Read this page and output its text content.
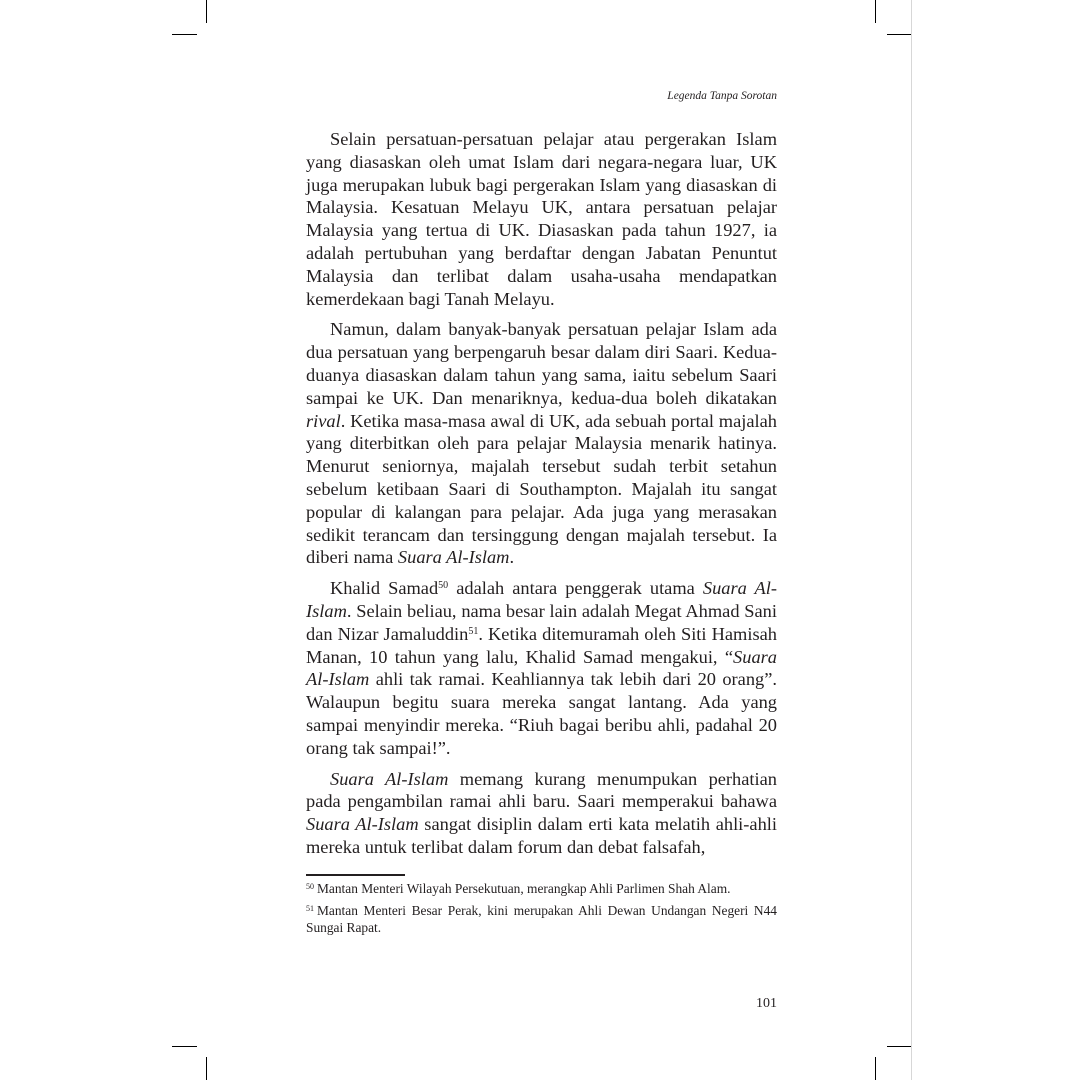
Legenda Tanpa Sorotan

Selain persatuan-persatuan pelajar atau pergerakan Islam yang diasaskan oleh umat Islam dari negara-negara luar, UK juga merupakan lubuk bagi pergerakan Islam yang diasaskan di Malaysia. Kesatuan Melayu UK, antara persatuan pelajar Malaysia yang tertua di UK. Diasaskan pada tahun 1927, ia adalah pertubuhan yang berdaftar dengan Jabatan Penuntut Malaysia dan terlibat dalam usaha-usaha mendapatkan kemerdekaan bagi Tanah Melayu.

Namun, dalam banyak-banyak persatuan pelajar Islam ada dua persatuan yang berpengaruh besar dalam diri Saari. Kedua-duanya diasaskan dalam tahun yang sama, iaitu sebelum Saari sampai ke UK. Dan menariknya, kedua-dua boleh dikatakan rival. Ketika masa-masa awal di UK, ada sebuah portal majalah yang diterbitkan oleh para pelajar Malaysia menarik hatinya. Menurut seniornya, majalah tersebut sudah terbit setahun sebelum ketibaan Saari di Southampton. Majalah itu sangat popular di kalangan para pelajar. Ada juga yang merasakan sedikit terancam dan tersinggung dengan majalah tersebut. Ia diberi nama Suara Al-Islam.

Khalid Samad$^{50}$ adalah antara penggerak utama Suara Al-Islam. Selain beliau, nama besar lain adalah Megat Ahmad Sani dan Nizar Jamaluddin$^{51}$. Ketika ditemuramah oleh Siti Hamisah Manan, 10 tahun yang lalu, Khalid Samad mengakui, “Suara Al-Islam ahli tak ramai. Keahliannya tak lebih dari 20 orang”. Walaupun begitu suara mereka sangat lantang. Ada yang sampai menyindir mereka. “Riuh bagai beribu ahli, padahal 20 orang tak sampai!”.

Suara Al-Islam memang kurang menumpukan perhatian pada pengambilan ramai ahli baru. Saari memperakui bahawa Suara Al-Islam sangat disiplin dalam erti kata melatih ahli-ahli mereka untuk terlibat dalam forum dan debat falsafah,

$^{50}$ Mantan Menteri Wilayah Persekutuan, merangkap Ahli Parlimen Shah Alam.
$^{51}$ Mantan Menteri Besar Perak, kini merupakan Ahli Dewan Undangan Negeri N44 Sungai Rapat.
101
